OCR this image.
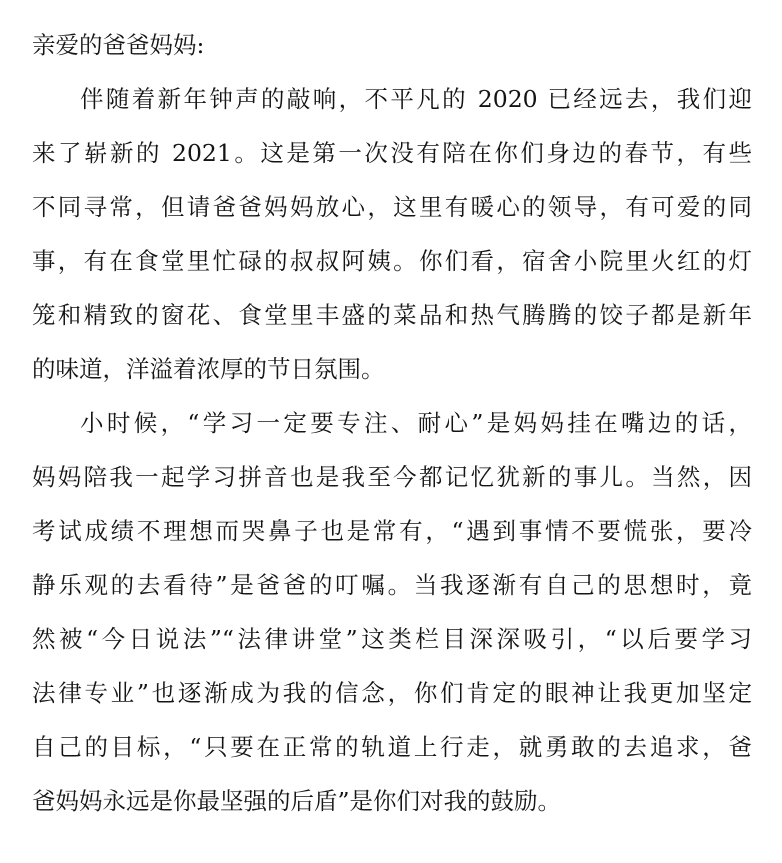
亲爱的爸爸妈妈:
伴随着新年钟声的敲响，不平凡的 2020 已经远去，我们迎
来了崭新的 2021。这是第一次没有陪在你们身边的春节，有些
不同寻常，但请爸爸妈妈放心，这里有暖心的领导，有可爱的同
事，有在食堂里忙碌的叔叔阿姨。你们看，宿舍小院里火红的灯
笼和精致的窗花、食堂里丰盛的菜品和热气腾腾的饺子都是新年
的味道，洋溢着浓厚的节日氛围。
小时候，“学习一定要专注、耐心”是妈妈挂在嘴边的话，
妈妈陪我一起学习拼音也是我至今都记忆犹新的事儿。当然，因
考试成绩不理想而哭鼻子也是常有，“遇到事情不要慌张，要冷
静乐观的去看待”是爸爸的叮嘱。当我逐渐有自己的思想时，竟
然被“今日说法”“法律讲堂”这类栏目深深吸引，“以后要学习
法律专业”也逐渐成为我的信念，你们肯定的眼神让我更加坚定
自己的目标，“只要在正常的轨道上行走，就勇敢的去追求，爸
爸妈妈永远是你最坚强的后盾”是你们对我的鼓励。
